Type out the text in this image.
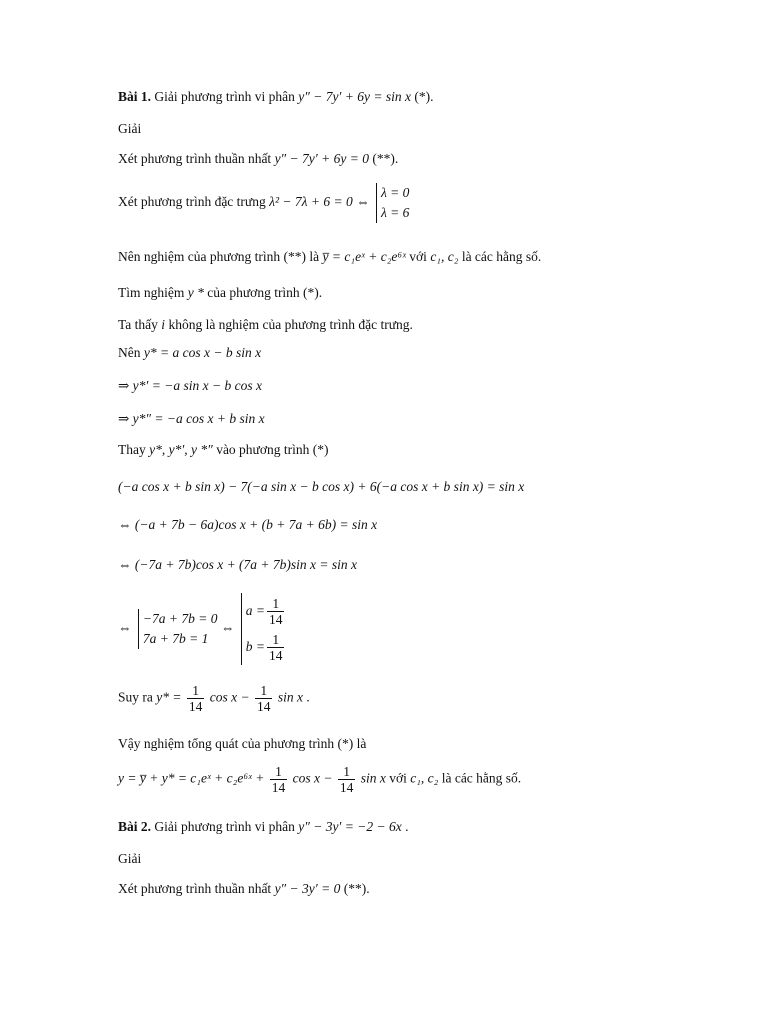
Bài 1. Giải phương trình vi phân y″ − 7y′ + 6y = sin x (*).
Giải
Xét phương trình thuần nhất y″ − 7y′ + 6y = 0 (**).
Xét phương trình đặc trưng λ² − 7λ + 6 = 0 ⇔
λ = 0
λ = 6
Nên nghiệm của phương trình (**) là y̅ = c₁eˣ + c₂e⁶ˣ với c₁, c₂ là các hằng số.
Tìm nghiệm y * của phương trình (*).
Ta thấy i không là nghiệm của phương trình đặc trưng.
Nên y* = a cos x − b sin x
⇒ y*′ = −a sin x − b cos x
⇒ y*″ = −a cos x + b sin x
Thay y*, y*′, y *″ vào phương trình (*)
(−a cos x + b sin x) − 7(−a sin x − b cos x) + 6(−a cos x + b sin x) = sin x
⇔ (−a + 7b − 6a)cos x + (b + 7a + 6b) = sin x
⇔ (−7a + 7b)cos x + (7a + 7b)sin x = sin x
⇔
−7a + 7b = 0
7a + 7b = 1
⇔
$a = \frac{1}{14}$
$b = \frac{1}{14}$
Suy ra $y* = \frac{1}{14}$ $\cos x - \frac{1}{14}$ sin x .
Vậy nghiệm tổng quát của phương trình (*) là
y = y̅ + y* = c₁eˣ + c₂e⁶ˣ + $\frac{1}{14}$ $\cos x - \frac{1}{14}$ sin x với c₁, c₂ là các hằng số.
Bài 2. Giải phương trình vi phân y″ − 3y′ = −2 − 6x .
Giải
Xét phương trình thuần nhất y″ − 3y′ = 0 (**).
